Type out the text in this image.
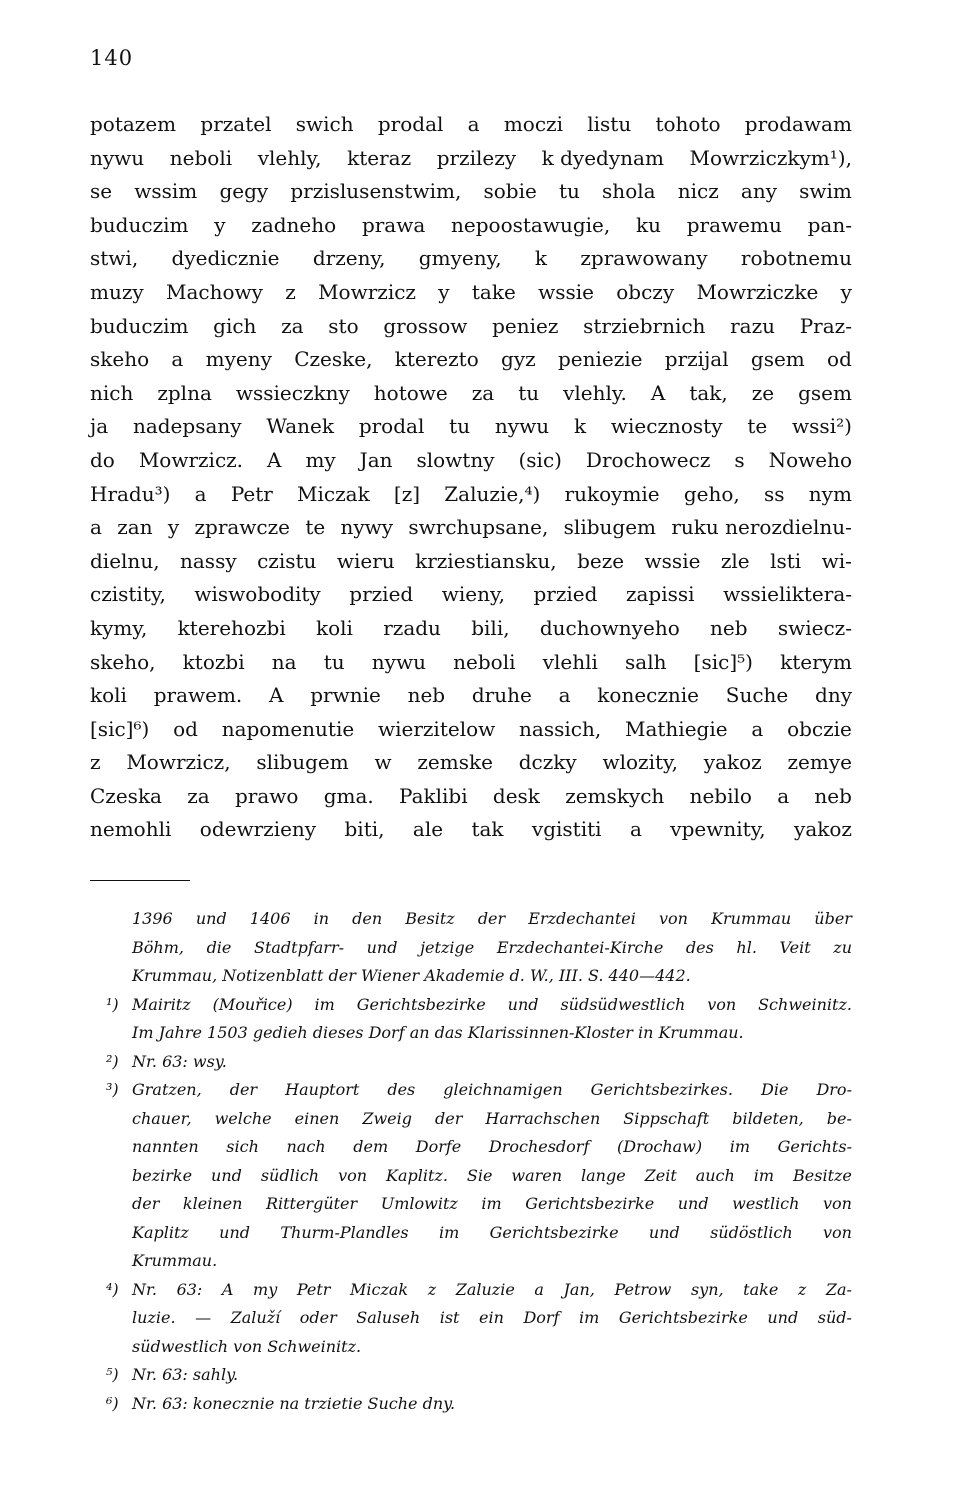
140
potazem przatel swich prodal a moczi listu tohoto prodawam
nywu neboli vlehly, kteraz przilezy k dyedynam Mowrziczkym¹),
se wssim gegy przislusenstwim, sobie tu shola nicz any swim
buduczim y zadneho prawa nepoostawugie, ku prawemu pan-
stwi, dyedicznie drzeny, gmyeny, k zprawowany robotnemu
muzy Machowy z Mowrzicz y take wssie obczy Mowrziczke y
buduczim gich za sto grossow peniez strziebrnich razu Praz-
skeho a myeny Czeske, kterezto gyz peniezie przijal gsem od
nich zplna wssieczkny hotowe za tu vlehly. A tak, ze gsem
ja nadepsany Wanek prodal tu nywu k wiecznosty te wssi²)
do Mowrzicz. A my Jan slowtny (sic) Drochowecz s Noweho
Hradu³) a Petr Miczak [z] Zaluzie,⁴) rukoymie geho, ss nym
a zan y zprawcze te nywy swrchupsane, slibugem ruku nerozdielnu-
dielnu, nassy czistu wieru krziestiansku, beze wssie zle lsti wi-
czistity, wiswobodity przied wieny, przied zapissi wssieliktera-
kymy, kterehozbi koli rzadu bili, duchownyeho neb swiecz-
skeho, ktozbi na tu nywu neboli vlehli salh [sic]⁵) kterym
koli prawem. A prwnie neb druhe a konecznie Suche dny
[sic]⁶) od napomenutie wierzitelow nassich, Mathiegie a obczie
z Mowrzicz, slibugem w zemske dczky wlozity, yakoz zemye
Czeska za prawo gma. Paklibi desk zemskych nebilo a neb
nemohli odewrzieny biti, ale tak vgistiti a vpewnity, yakoz
1396 und 1406 in den Besitz der Erzdechantei von Krummau über
Böhm, die Stadtpfarr- und jetzige Erzdechantei-Kirche des hl. Veit zu
Krummau, Notizenblatt der Wiener Akademie d. W., III. S. 440—442.
¹) Mairitz (Mouřice) im Gerichtsbezirke und südsüdwestlich von Schweinitz.
Im Jahre 1503 gedieh dieses Dorf an das Klarissinnen-Kloster in Krummau.
²) Nr. 63: wsy.
³) Gratzen, der Hauptort des gleichnamigen Gerichtsbezirkes. Die Dro-
chauer, welche einen Zweig der Harrachschen Sippschaft bildeten, be-
nannten sich nach dem Dorfe Drochesdorf (Drochaw) im Gerichts-
bezirke und südlich von Kaplitz. Sie waren lange Zeit auch im Besitze
der kleinen Rittergüter Umlowitz im Gerichtsbezirke und westlich von
Kaplitz und Thurm-Plandles im Gerichtsbezirke und südöstlich von
Krummau.
⁴) Nr. 63: A my Petr Miczak z Zaluzie a Jan, Petrow syn, take z Za-
luzie. — Zaluží oder Saluseh ist ein Dorf im Gerichtsbezirke und süd-
südwestlich von Schweinitz.
⁵) Nr. 63: sahly.
⁶) Nr. 63: konecznie na trzietie Suche dny.
